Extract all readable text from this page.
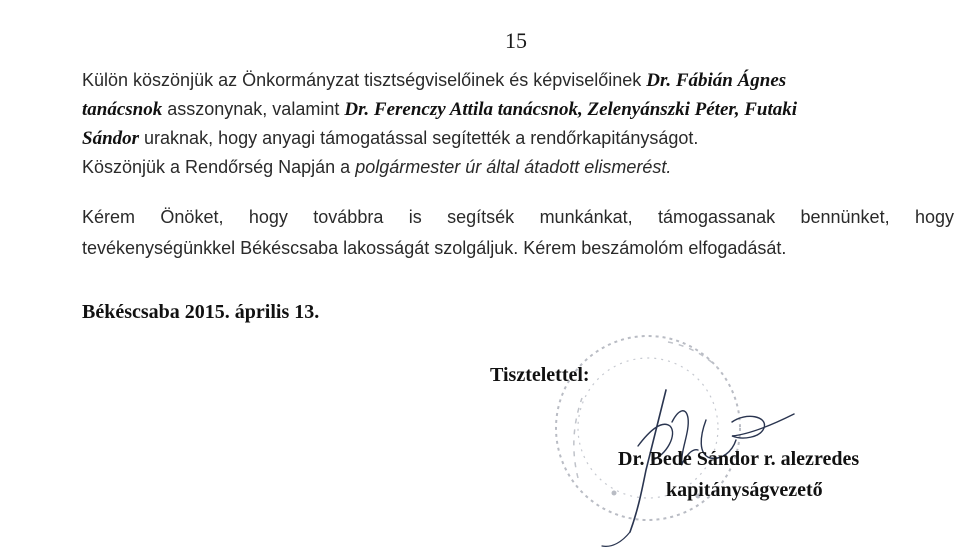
15
Külön köszönjük az Önkormányzat tisztségviselőinek és képviselőinek Dr. Fábián Ágnes
tanácsnok asszonynak, valamint Dr. Ferenczy Attila tanácsnok, Zelenyánszki Péter, Futaki
Sándor uraknak, hogy anyagi támogatással segítették a rendőrkapitányságot.
Köszönjük a Rendőrség Napján a polgármester úr által átadott elismerést.
Kérem Önöket, hogy továbbra is segítsék munkánkat, támogassanak bennünket, hogy
tevékenységünkkel Békéscsaba lakosságát szolgáljuk. Kérem beszámolóm elfogadását.
Békéscsaba 2015. április 13.
Tisztelettel:
Dr. Bede Sándor r. alezredes
kapitányságvezető
